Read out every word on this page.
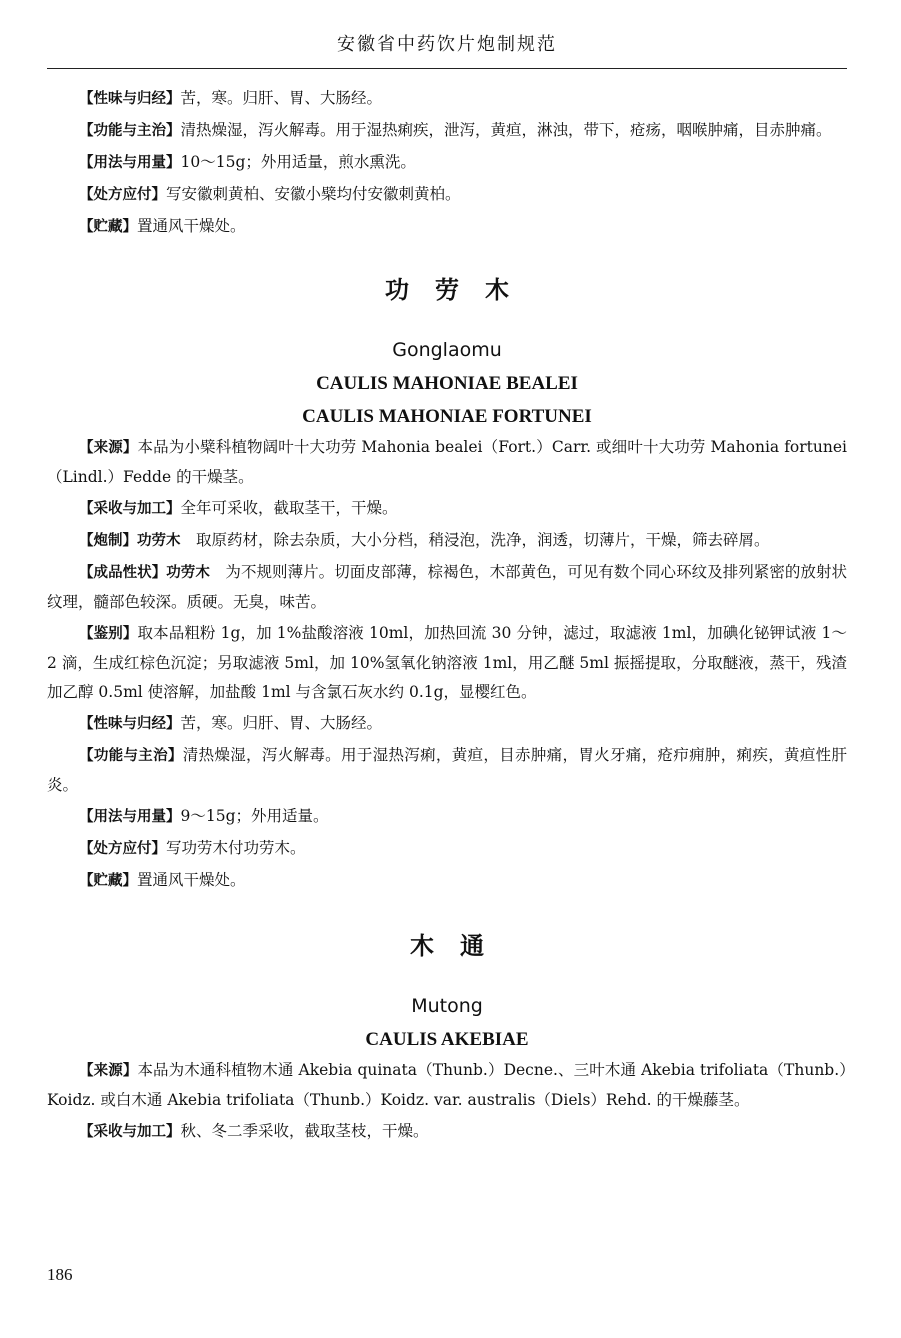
安徽省中药饮片炮制规范
【性味与归经】苦，寒。归肝、胃、大肠经。
【功能与主治】清热燥湿，泻火解毒。用于湿热痢疾，泄泻，黄疸，淋浊，带下，疮疡，咽喉肿痛，目赤肿痛。
【用法与用量】10～15g；外用适量，煎水熏洗。
【处方应付】写安徽刺黄柏、安徽小檗均付安徽刺黄柏。
【贮藏】置通风干燥处。
功劳木
Gonglaomu
CAULIS MAHONIAE BEALEI
CAULIS MAHONIAE FORTUNEI
【来源】本品为小檗科植物阔叶十大功劳 Mahonia bealei（Fort.）Carr. 或细叶十大功劳 Mahonia fortunei（Lindl.）Fedde 的干燥茎。
【采收与加工】全年可采收，截取茎干，干燥。
【炮制】功劳木　取原药材，除去杂质，大小分档，稍浸泡，洗净，润透，切薄片，干燥，筛去碎屑。
【成品性状】功劳木　为不规则薄片。切面皮部薄，棕褐色，木部黄色，可见有数个同心环纹及排列紧密的放射状纹理，髓部色较深。质硬。无臭，味苦。
【鉴别】取本品粗粉 1g，加 1%盐酸溶液 10ml，加热回流 30 分钟，滤过，取滤液 1ml，加碘化铋钾试液 1～2 滴，生成红棕色沉淀；另取滤液 5ml，加 10%氢氧化钠溶液 1ml，用乙醚 5ml 振摇提取，分取醚液，蒸干，残渣加乙醇 0.5ml 使溶解，加盐酸 1ml 与含氯石灰水约 0.1g，显樱红色。
【性味与归经】苦，寒。归肝、胃、大肠经。
【功能与主治】清热燥湿，泻火解毒。用于湿热泻痢，黄疸，目赤肿痛，胃火牙痛，疮疖痈肿，痢疾，黄疸性肝炎。
【用法与用量】9～15g；外用适量。
【处方应付】写功劳木付功劳木。
【贮藏】置通风干燥处。
木通
Mutong
CAULIS AKEBIAE
【来源】本品为木通科植物木通 Akebia quinata（Thunb.）Decne.、三叶木通 Akebia trifoliata（Thunb.）Koidz. 或白木通 Akebia trifoliata（Thunb.）Koidz. var. australis（Diels）Rehd. 的干燥藤茎。
【采收与加工】秋、冬二季采收，截取茎枝，干燥。
186
